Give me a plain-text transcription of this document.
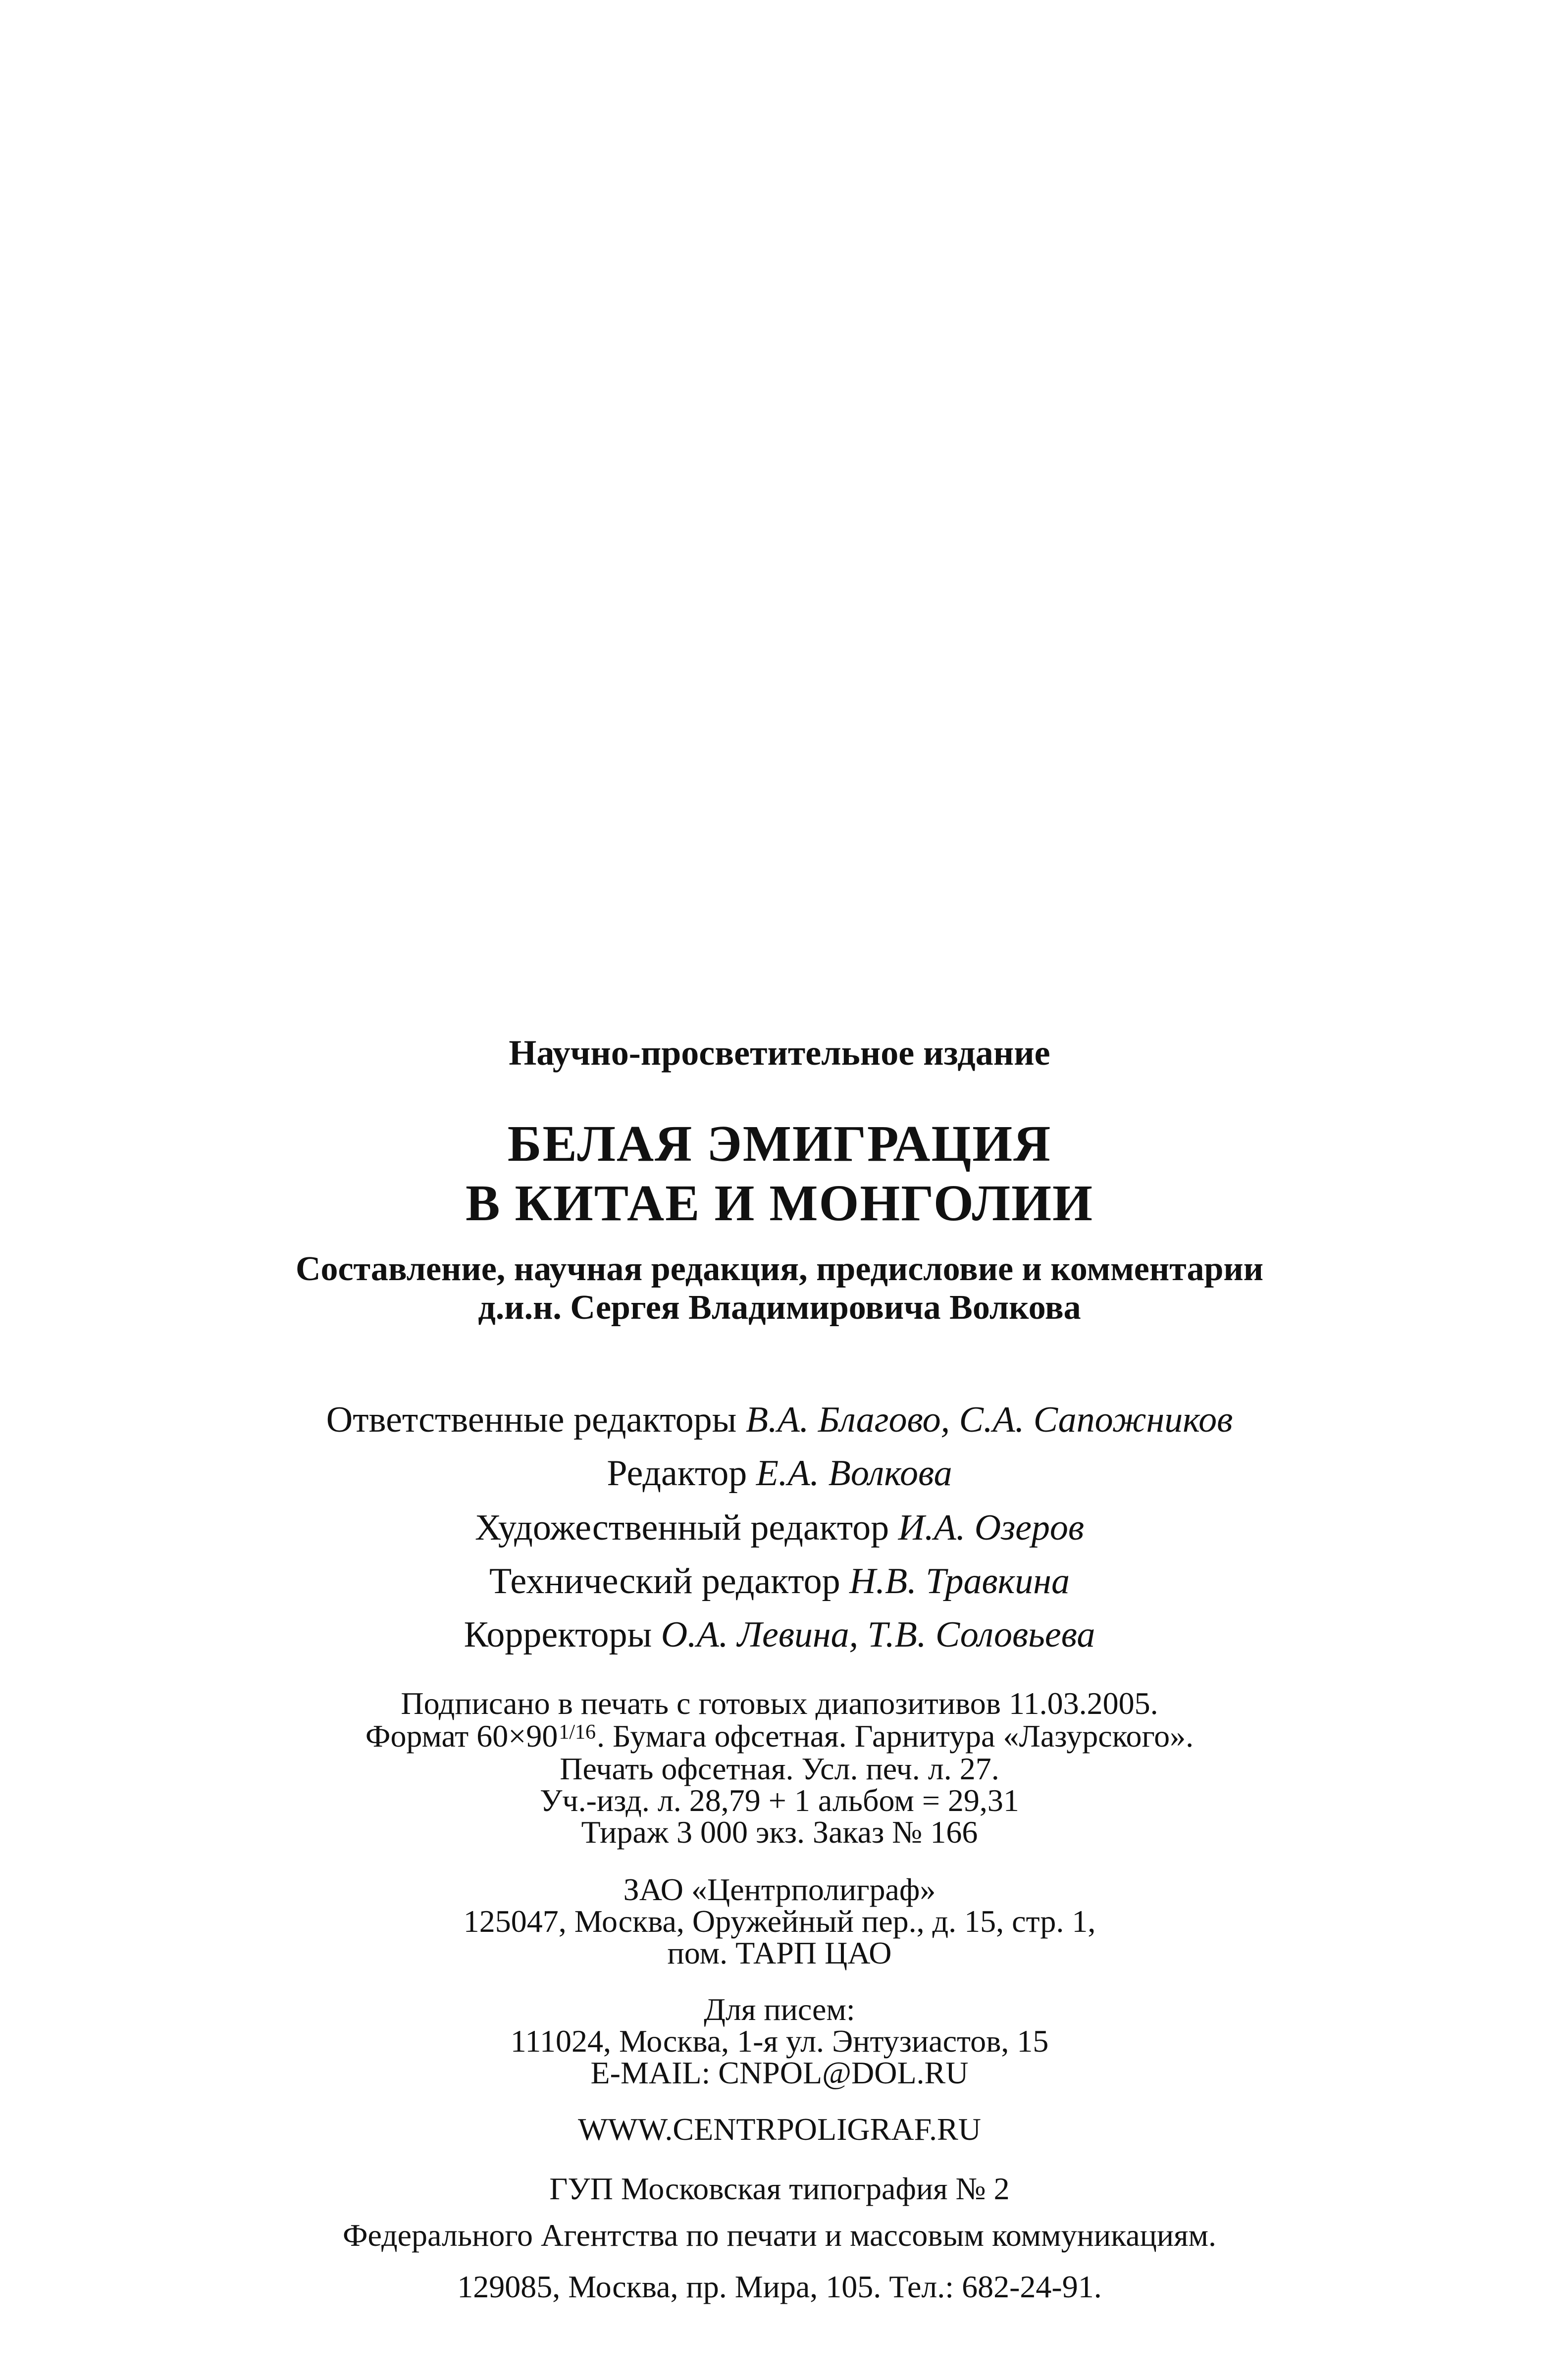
Научно-просветительное издание
БЕЛАЯ ЭМИГРАЦИЯ
В КИТАЕ И МОНГОЛИИ
Составление, научная редакция, предисловие и комментарии
д.и.н. Сергея Владимировича Волкова
Ответственные редакторы В.А. Благово, С.А. Сапожников
Редактор Е.А. Волкова
Художественный редактор И.А. Озеров
Технический редактор Н.В. Травкина
Корректоры О.А. Левина, Т.В. Соловьева
Подписано в печать с готовых диапозитивов 11.03.2005.
Формат 60×901/16. Бумага офсетная. Гарнитура «Лазурского».
Печать офсетная. Усл. печ. л. 27.
Уч.-изд. л. 28,79 + 1 альбом = 29,31
Тираж 3 000 экз. Заказ № 166
ЗАО «Центрполиграф»
125047, Москва, Оружейный пер., д. 15, стр. 1,
пом. ТАРП ЦАО
Для писем:
111024, Москва, 1-я ул. Энтузиастов, 15
E-MAIL: CNPOL@DOL.RU
WWW.CENTRPOLIGRAF.RU
ГУП Московская типография № 2
Федерального Агентства по печати и массовым коммуникациям.
129085, Москва, пр. Мира, 105. Тел.: 682-24-91.
